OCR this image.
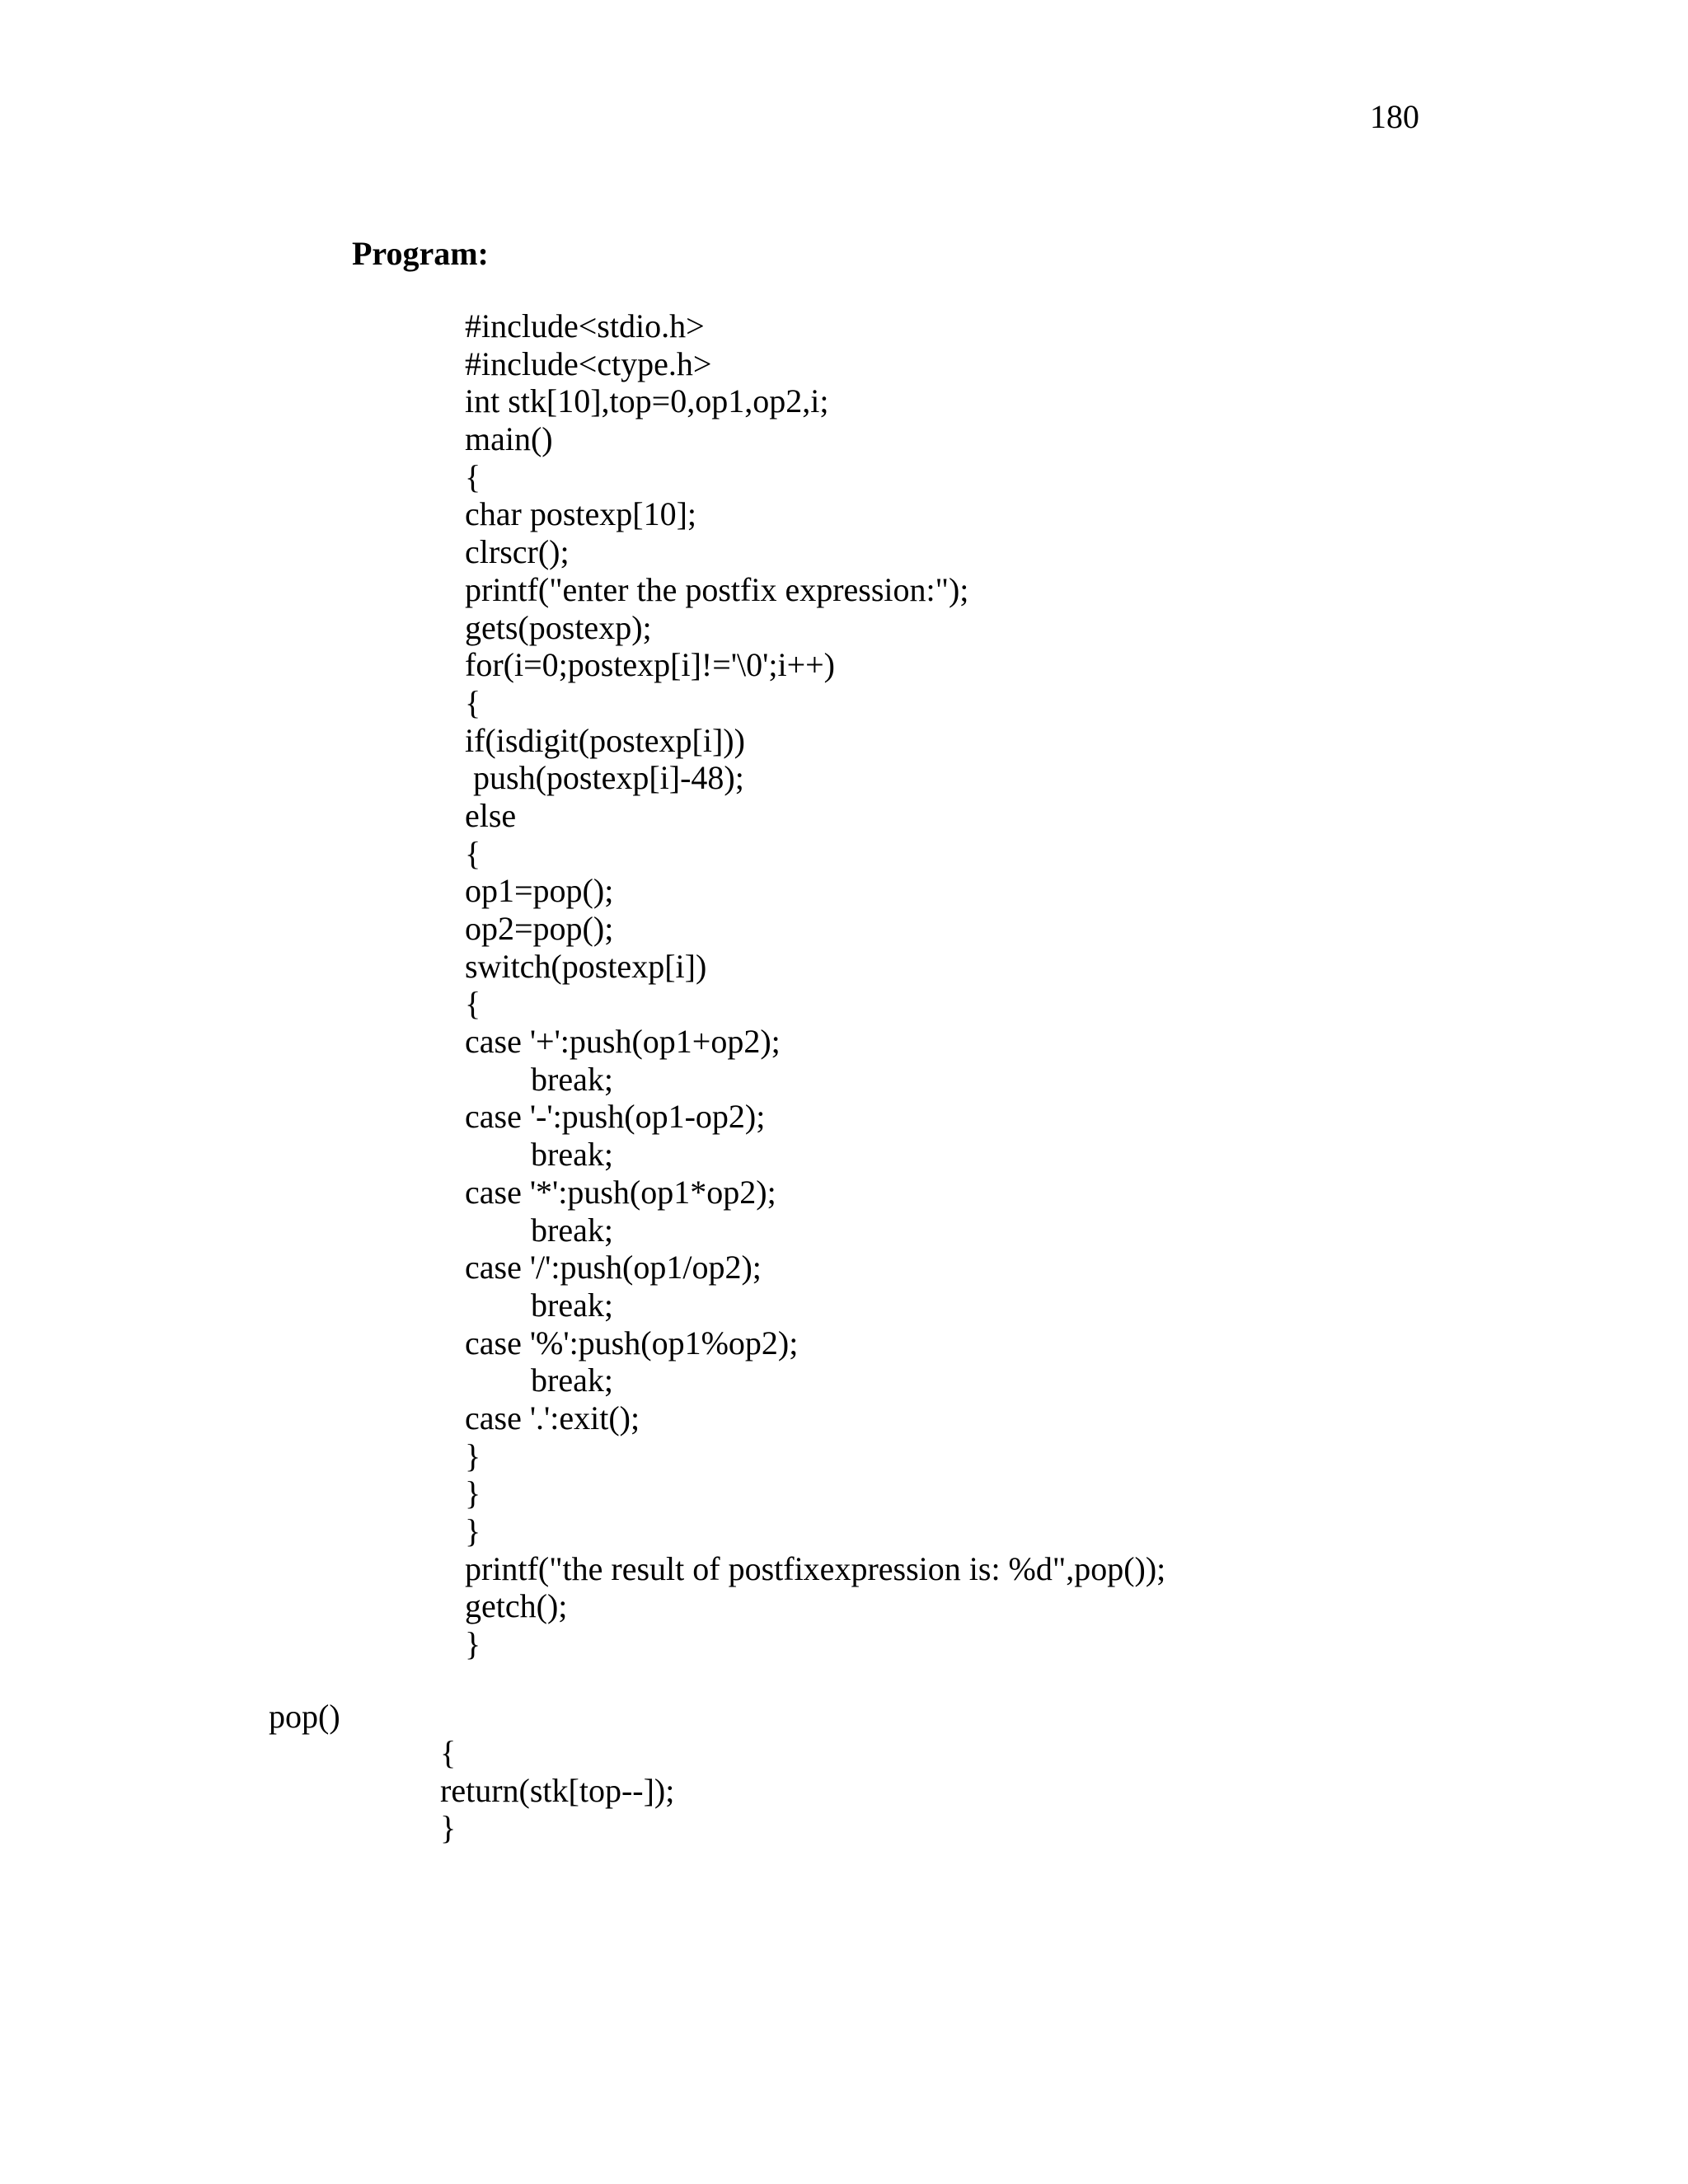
180
Program:
#include<stdio.h>
#include<ctype.h>
int stk[10],top=0,op1,op2,i;
main()
{
char postexp[10];
clrscr();
printf("enter the postfix expression:");
gets(postexp);
for(i=0;postexp[i]!='\0';i++)
{
if(isdigit(postexp[i]))
push(postexp[i]-48);
else
{
op1=pop();
op2=pop();
switch(postexp[i])
{
case '+':push(op1+op2);
break;
case '-':push(op1-op2);
break;
case '*':push(op1*op2);
break;
case '/':push(op1/op2);
break;
case '%':push(op1%op2);
break;
case '.':exit();
}
}
}
printf("the result of postfixexpression is: %d",pop());
getch();
}
pop()
{
return(stk[top--]);
}
